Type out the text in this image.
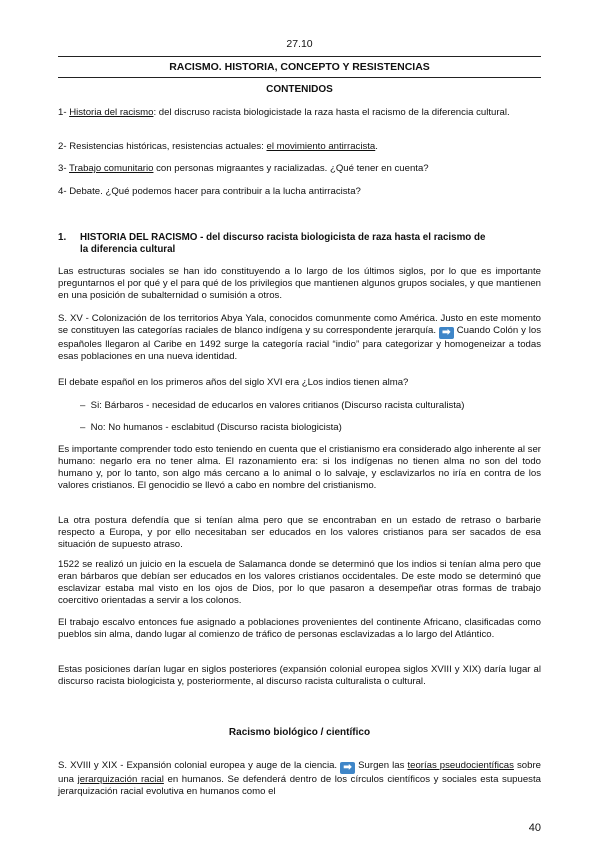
27.10
RACISMO. HISTORIA, CONCEPTO Y RESISTENCIAS
CONTENIDOS
1- Historia del racismo: del discruso racista biologicistade la raza hasta el racismo de la diferencia cultural.
2- Resistencias históricas, resistencias actuales: el movimiento antirracista.
3- Trabajo comunitario con personas migraantes y racializadas. ¿Qué tener en cuenta?
4- Debate. ¿Qué podemos hacer para contribuir a la lucha antirracista?
1. HISTORIA DEL RACISMO - del discurso racista biologicista de raza hasta el racismo de
la diferencia cultural
Las estructuras sociales se han ido constituyendo a lo largo de los últimos siglos, por lo que es importante preguntarnos el por qué y el para qué de los privilegios que mantienen algunos grupos sociales, y que mantienen en una posición de subalternidad o sumisión a otros.
S. XV - Colonización de los territorios Abya Yala, conocidos comunmente como América. Justo en este momento se constituyen las categorías raciales de blanco indígena y su correspondente jerarquía. ➡ Cuando Colón y los españoles llegaron al Caribe en 1492 surge la categoría racial “indio” para categorizar y homogeneizar a todas esas poblaciones en una nueva identidad.
El debate español en los primeros años del siglo XVI era ¿Los indios tienen alma?
–  Si: Bárbaros - necesidad de educarlos en valores critianos (Discurso racista culturalista)
–  No: No humanos - esclabitud (Discurso racista biologicista)
Es importante comprender todo esto teniendo en cuenta que el cristianismo era considerado algo inherente al ser humano: negarlo era no tener alma. El razonamiento era: si los indígenas no tienen alma no son del todo humano y, por lo tanto, son algo más cercano a lo animal o lo salvaje, y esclavizarlos no iría en contra de los valores cristianos. El genocidio se llevó a cabo en nombre del cristianismo.
La otra postura defendía que si tenían alma pero que se encontraban en un estado de retraso o barbarie respecto a Europa, y por ello necesitaban ser educados en los valores cristianos para ser sacados de esa situación de supuesto atraso.
1522 se realizó un juicio en la escuela de Salamanca donde se determinó que los indios si tenían alma pero que eran bárbaros que debían ser educados en los valores cristianos occidentales. De este modo se determinó que esclavizar estaba mal visto en los ojos de Dios, por lo que pasaron a desempeñar otras formas de trabajo coercitivo orientadas a servir a los colonos.
El trabajo escalvo entonces fue asignado a poblaciones provenientes del continente Africano, clasificadas como pueblos sin alma, dando lugar al comienzo de tráfico de personas esclavizadas a lo largo del Atlántico.
Estas posiciones darían lugar en siglos posteriores (expansión colonial europea siglos XVIII y XIX) daría lugar al discurso racista biologicista y, posteriormente, al discurso racista culturalista o cultural.
Racismo biológico / científico
S. XVIII y XIX - Expansión colonial europea y auge de la ciencia. ➡ Surgen las teorías pseudocientíficas sobre una jerarquización racial en humanos. Se defenderá dentro de los círculos científicos y sociales esta supuesta jerarquización racial evolutiva en humanos como el
40
